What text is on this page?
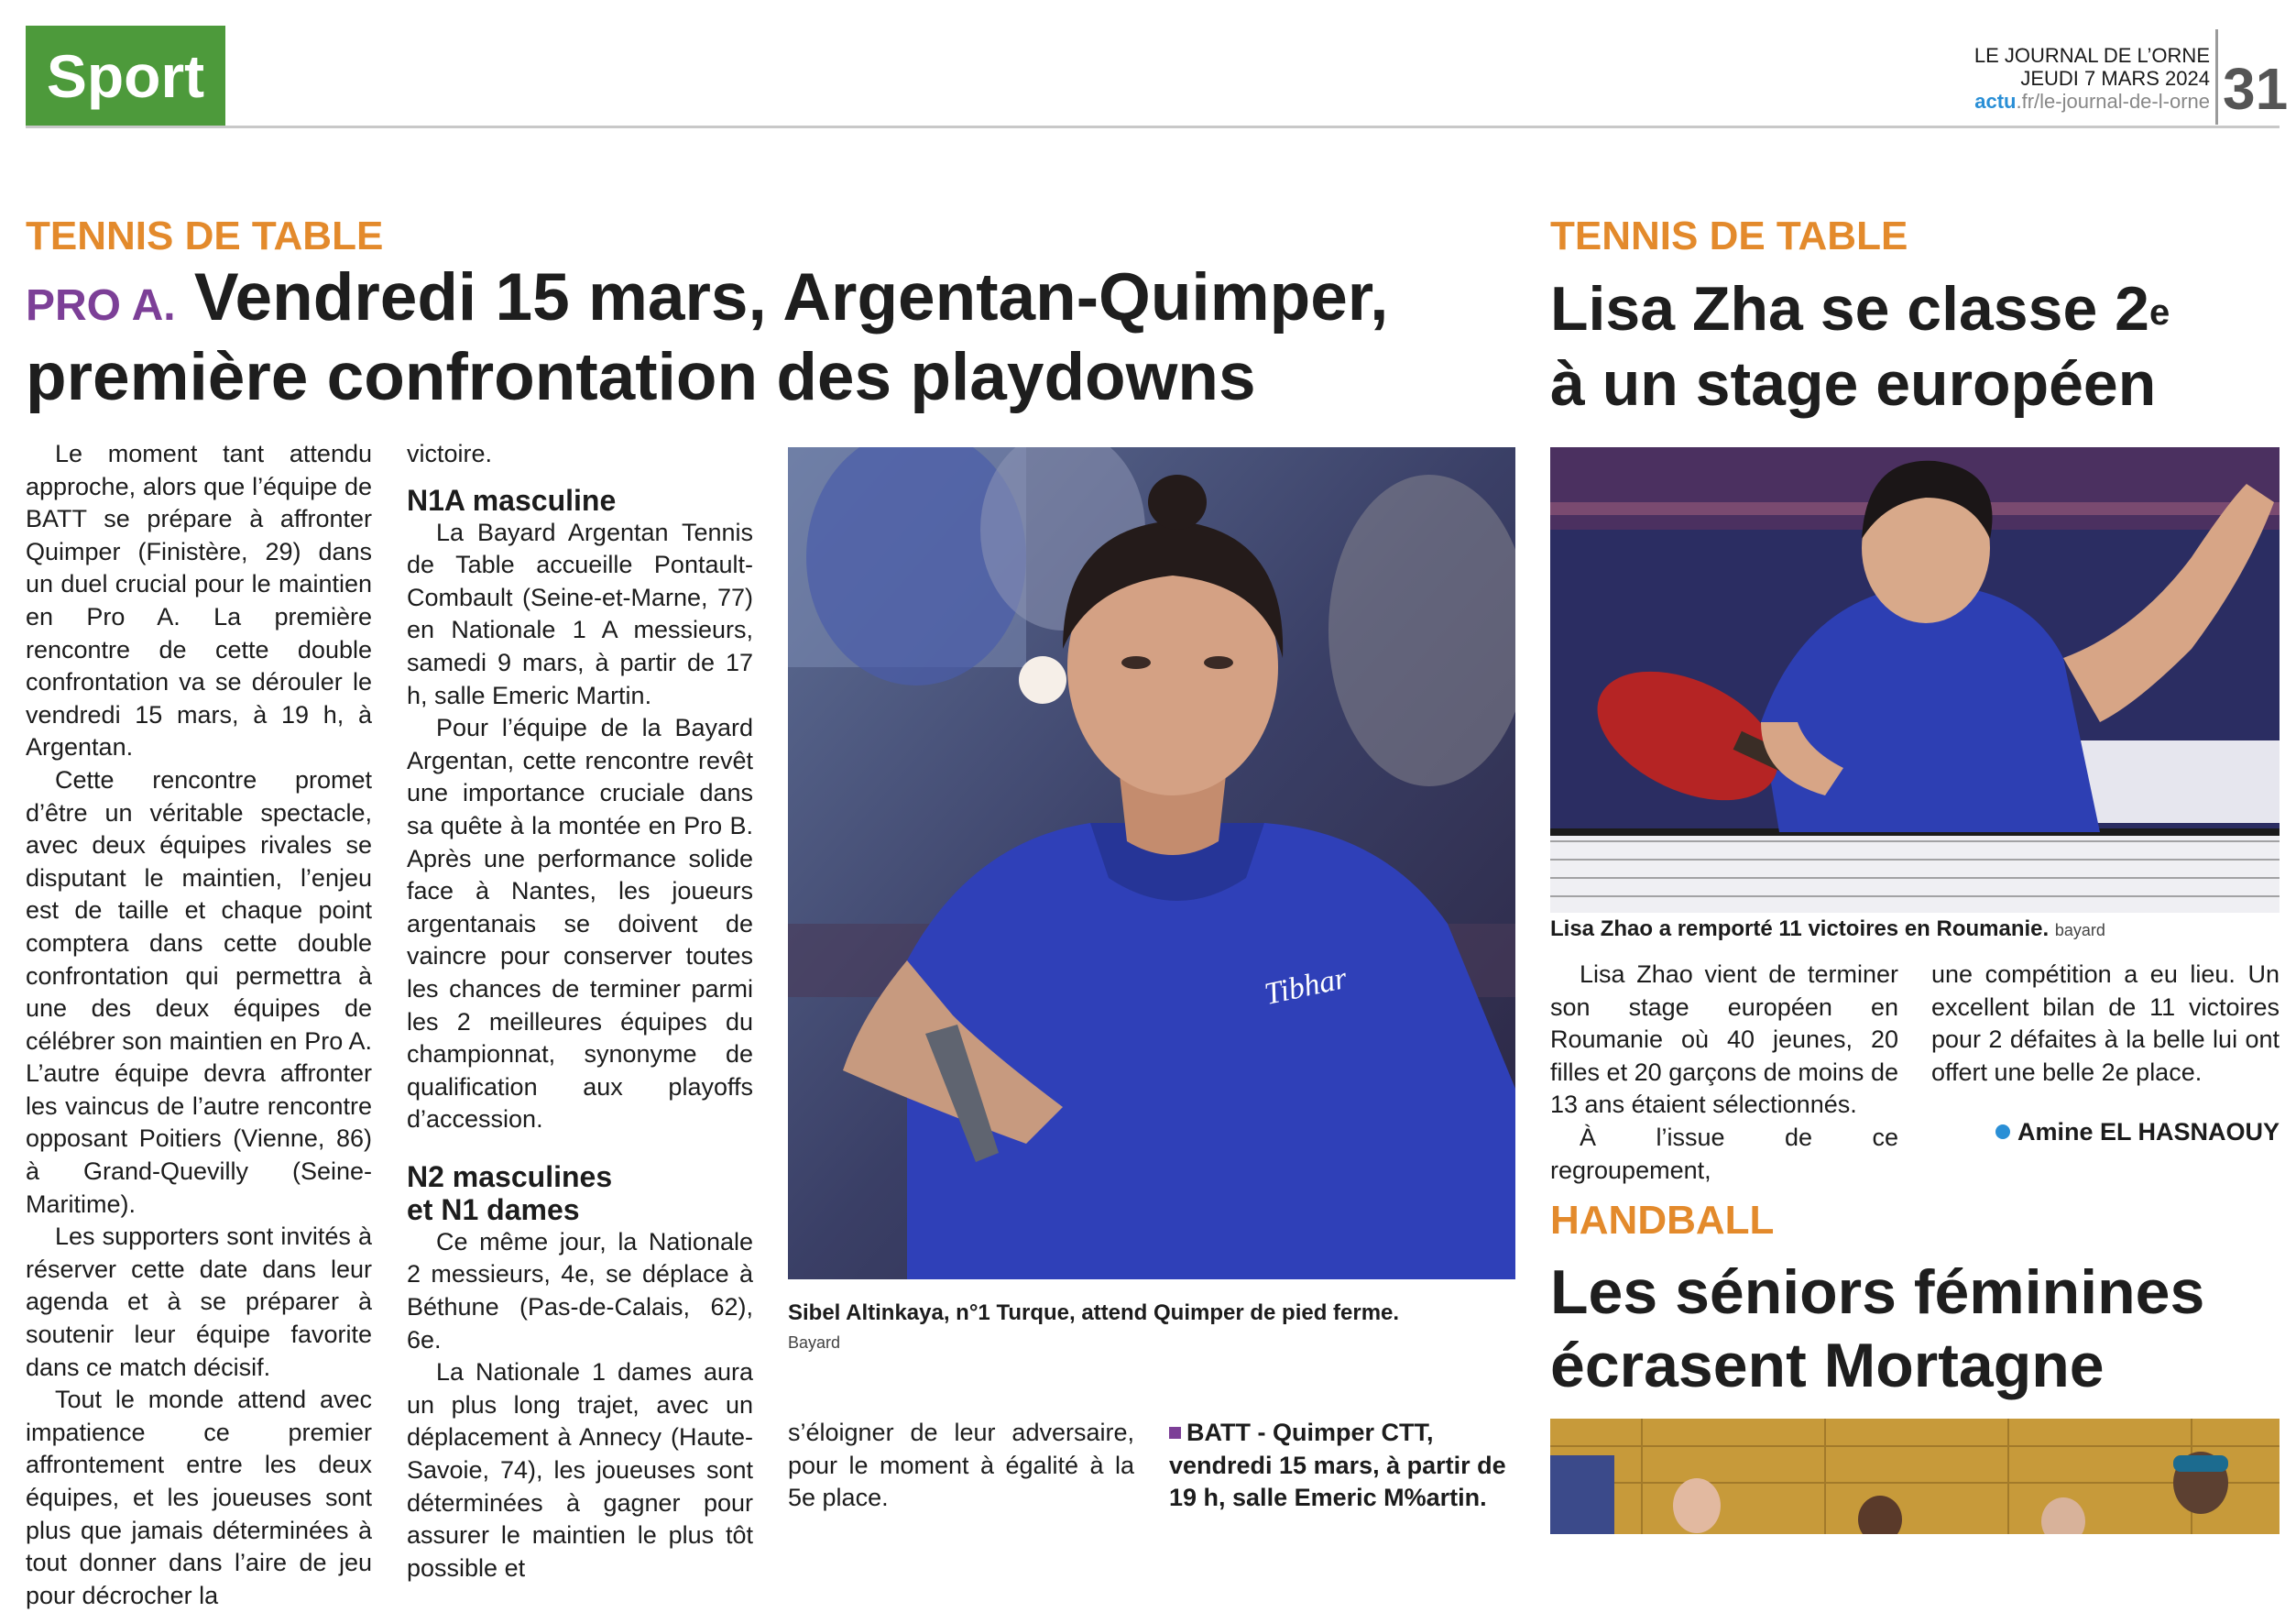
Sport	LE JOURNAL DE L’ORNE
JEUDI 7 MARS 2024
actu.fr/le-journal-de-l-orne 31
TENNIS DE TABLE
PRO A. Vendredi 15 mars, Argentan-Quimper, première confrontation des playdowns

Le moment tant attendu approche, alors que l’équipe de BATT se prépare à affronter Quimper (Finistère, 29) dans un duel crucial pour le maintien en Pro A. La première rencontre de cette double confrontation va se dérouler le vendredi 15 mars, à 19 h, à Argentan.

Cette rencontre promet d’être un véritable spectacle, avec deux équipes rivales se disputant le maintien, l’enjeu est de taille et chaque point comptera dans cette double confrontation qui permettra à une des deux équipes de célébrer son maintien en Pro A. L’autre équipe devra affronter les vaincus de l’autre rencontre opposant Poitiers (Vienne, 86) à Grand-Quevilly (Seine-Maritime).

Les supporters sont invités à réserver cette date dans leur agenda et à se préparer à soutenir leur équipe favorite dans ce match décisif.

Tout le monde attend avec impatience ce premier affrontement entre les deux équipes, et les joueuses sont plus que jamais déterminées à tout donner dans l’aire de jeu pour décrocher la

victoire.

N1A masculine

La Bayard Argentan Tennis de Table accueille Pontault-Combault (Seine-et-Marne, 77) en Nationale 1 A messieurs, samedi 9 mars, à partir de 17 h, salle Emeric Martin.

Pour l’équipe de la Bayard Argentan, cette rencontre revêt une importance cruciale dans sa quête à la montée en Pro B. Après une performance solide face à Nantes, les joueurs argentanais se doivent de vaincre pour conserver toutes les chances de terminer parmi les 2 meilleures équipes du championnat, synonyme de qualification aux playoffs d’accession.

N2 masculines
et N1 dames

Ce même jour, la Nationale 2 messieurs, 4e, se déplace à Béthune (Pas-de-Calais, 62), 6e.

La Nationale 1 dames aura un plus long trajet, avec un déplacement à Annecy (Haute-Savoie, 74), les joueuses sont déterminées à gagner pour assurer le maintien le plus tôt possible et

Tibhar
Sibel Altinkaya, n°1 Turque, attend Quimper de pied ferme.
Bayard

s’éloigner de leur adversaire, pour le moment à égalité à la 5e place.

BATT - Quimper CTT, vendredi 15 mars, à partir de 19 h, salle Emeric M%artin.
TENNIS DE TABLE
Lisa Zha se classe 2e
à un stage européen
Lisa Zhao a remporté 11 victoires en Roumanie. bayard

Lisa Zhao vient de terminer son stage européen en Roumanie où 40 jeunes, 20 filles et 20 garçons de moins de 13 ans étaient sélectionnés.

À l’issue de ce regroupement,

une compétition a eu lieu. Un excellent bilan de 11 victoires pour 2 défaites à la belle lui ont offert une belle 2e place.

Amine EL HASNAOUY
HANDBALL
Les séniors féminines écrasent Mortagne
